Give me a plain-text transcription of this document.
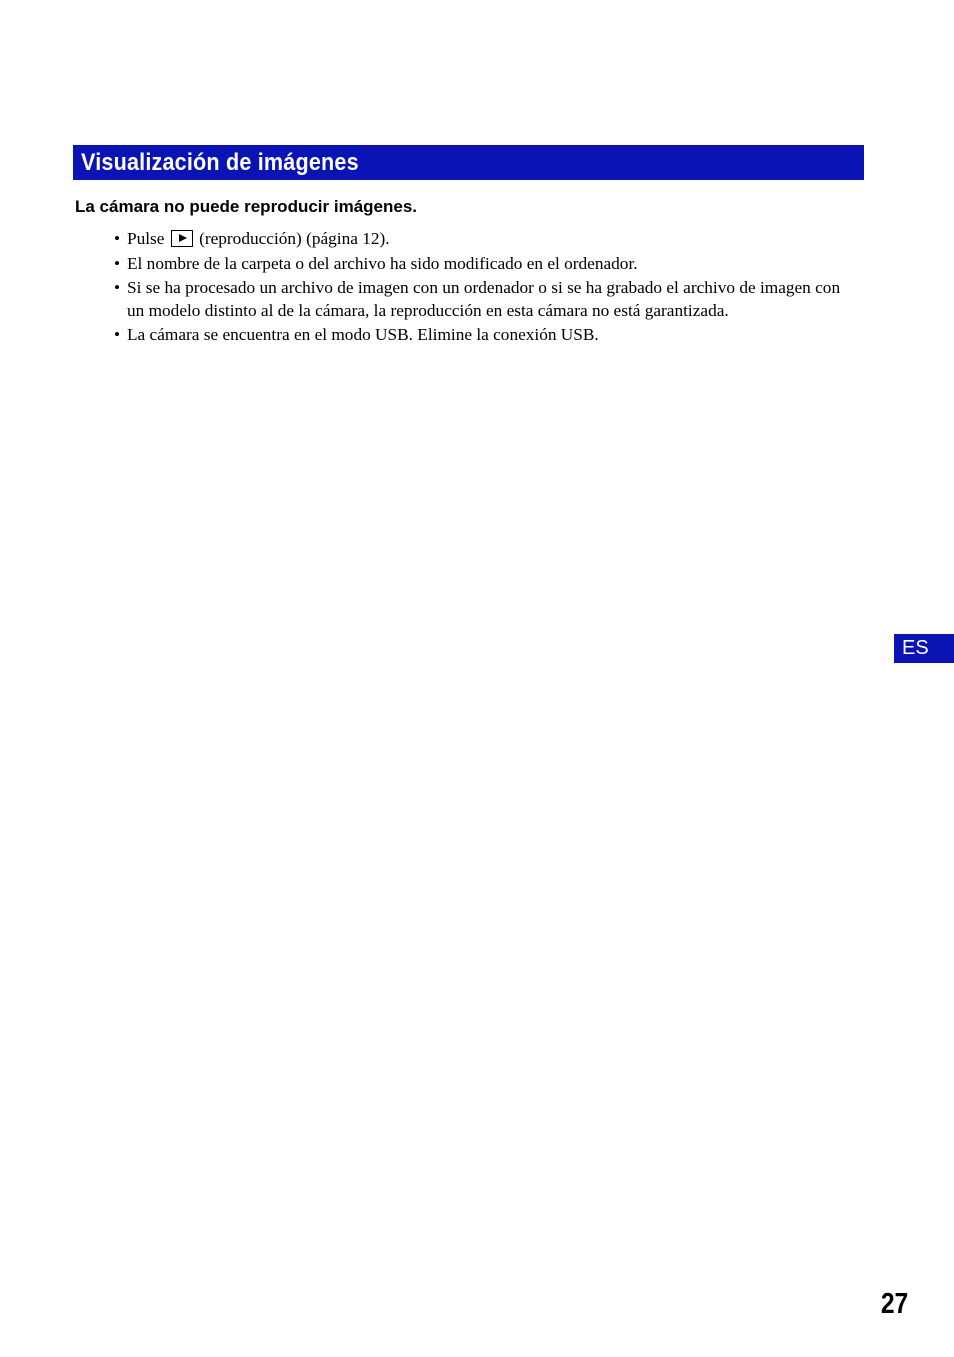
Visualización de imágenes
La cámara no puede reproducir imágenes.
• Pulse (reproducción) (página 12).
• El nombre de la carpeta o del archivo ha sido modificado en el ordenador.
• Si se ha procesado un archivo de imagen con un ordenador o si se ha grabado el archivo de imagen con un modelo distinto al de la cámara, la reproducción en esta cámara no está garantizada.
• La cámara se encuentra en el modo USB. Elimine la conexión USB.
ES
27
